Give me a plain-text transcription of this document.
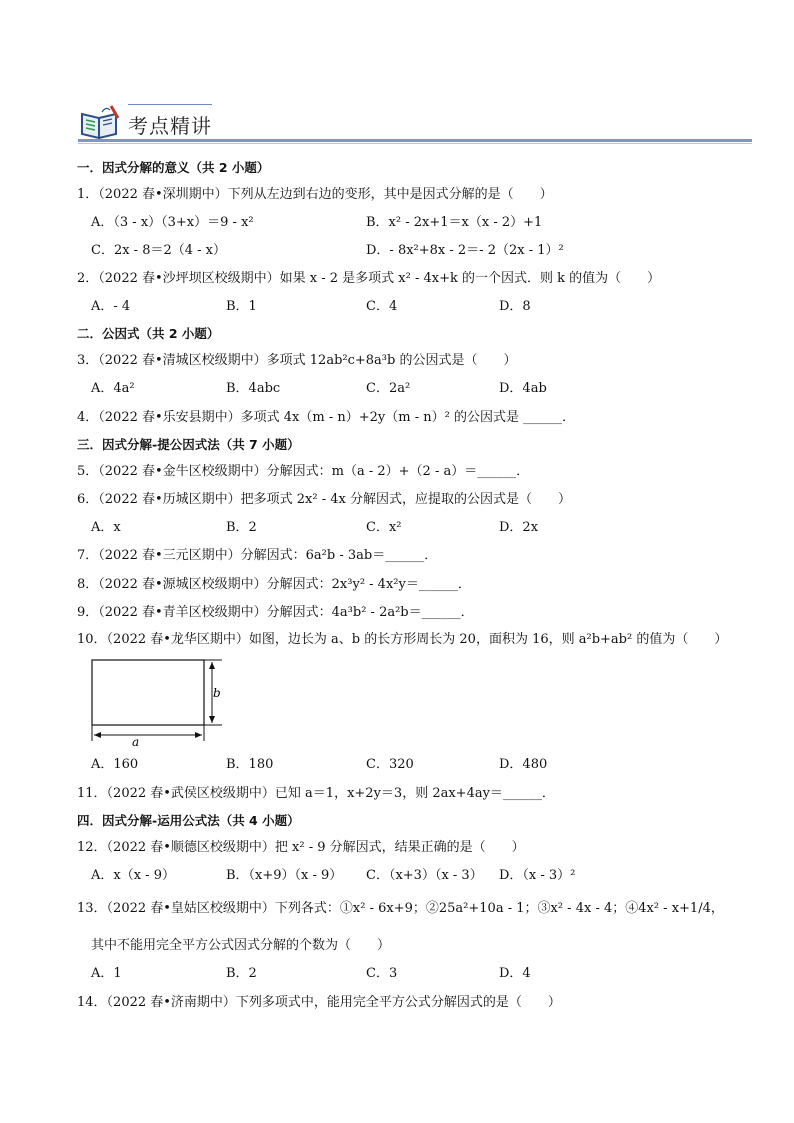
考点精讲
一．因式分解的意义（共 2 小题）
1．（2022 春•深圳期中）下列从左边到右边的变形，其中是因式分解的是（　　）
A．（3 - x）（3+x）＝9 - x²	B．x² - 2x+1＝x（x - 2）+1
C．2x - 8＝2（4 - x）	D．- 8x²+8x - 2＝- 2（2x - 1）²
2．（2022 春•沙坪坝区校级期中）如果 x - 2 是多项式 x² - 4x+k 的一个因式．则 k 的值为（　　）
A．- 4	B．1	C．4	D．8
二．公因式（共 2 小题）
3．（2022 春•清城区校级期中）多项式 12ab²c+8a³b 的公因式是（　　）
A．4a²	B．4abc	C．2a²	D．4ab
4．（2022 春•乐安县期中）多项式 4x（m - n）+2y（m - n）² 的公因式是 ______．
三．因式分解-提公因式法（共 7 小题）
5．（2022 春•金牛区校级期中）分解因式：m（a - 2）+（2 - a）＝______．
6．（2022 春•历城区期中）把多项式 2x² - 4x 分解因式，应提取的公因式是（　　）
A．x	B．2	C．x²	D．2x
7．（2022 春•三元区期中）分解因式：6a²b - 3ab＝______．
8．（2022 春•源城区校级期中）分解因式：2x³y² - 4x²y＝______．
9．（2022 春•青羊区校级期中）分解因式：4a³b² - 2a²b＝______．
10．（2022 春•龙华区期中）如图，边长为 a、b 的长方形周长为 20，面积为 16，则 a²b+ab² 的值为（　　）
a
b
A．160	B．180	C．320	D．480
11．（2022 春•武侯区校级期中）已知 a＝1，x+2y＝3，则 2ax+4ay＝______．
四．因式分解-运用公式法（共 4 小题）
12．（2022 春•顺德区校级期中）把 x² - 9 分解因式，结果正确的是（　　）
A．x（x - 9）	B．（x+9）（x - 9） C．（x+3）（x - 3） D．（x - 3）²
13．（2022 春•皇姑区校级期中）下列各式：①x² - 6x+9；②25a²+10a - 1；③x² - 4x - 4；④4x² - x+1/4，
其中不能用完全平方公式因式分解的个数为（　　）
A．1	B．2	C．3	D．4
14．（2022 春•济南期中）下列多项式中，能用完全平方公式分解因式的是（　　）
